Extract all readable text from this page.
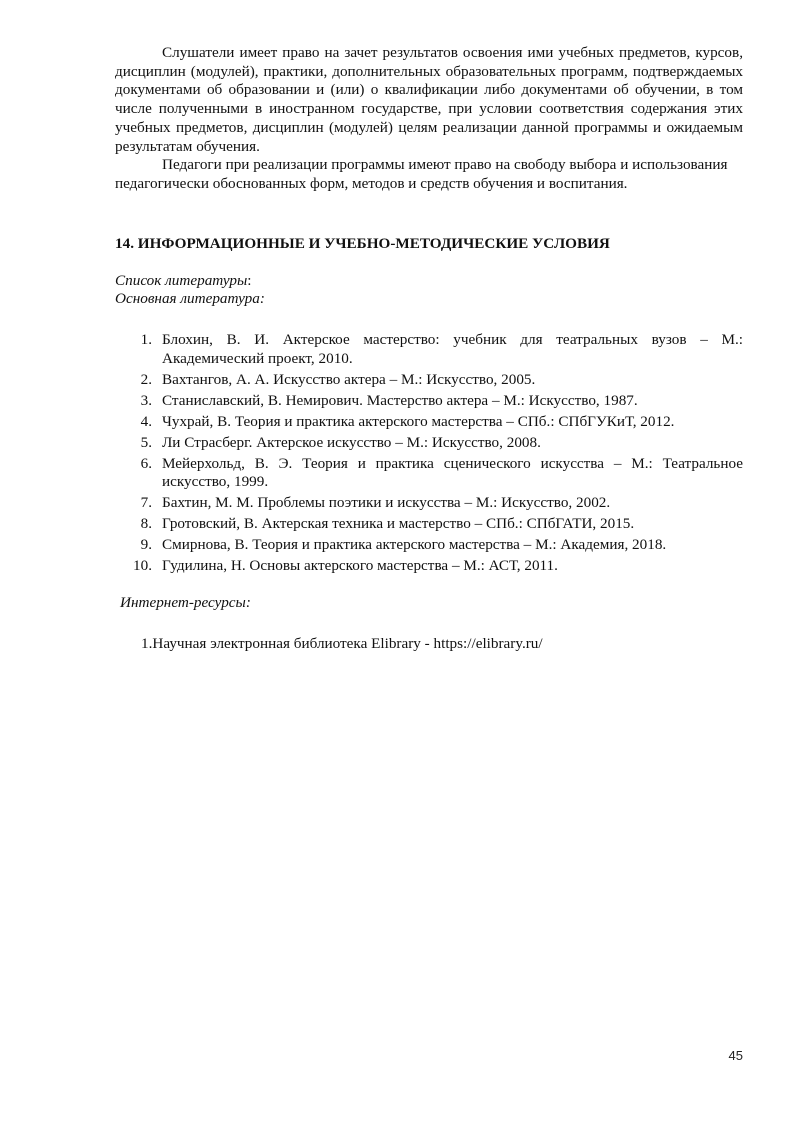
Слушатели имеет право на зачет результатов освоения ими учебных предметов, курсов, дисциплин (модулей), практики, дополнительных образовательных программ, подтверждаемых документами об образовании и (или) о квалификации либо документами об обучении, в том числе полученными в иностранном государстве, при условии соответствия содержания этих учебных предметов, дисциплин (модулей) целям реализации данной программы и ожидаемым результатам обучения.

Педагоги при реализации программы имеют право на свободу выбора и использования педагогически обоснованных форм, методов и средств обучения и воспитания.

14. ИНФОРМАЦИОННЫЕ И УЧЕБНО-МЕТОДИЧЕСКИЕ УСЛОВИЯ

Список литературы:

Основная литература:

1. Блохин, В. И. Актерское мастерство: учебник для театральных вузов – М.: Академический проект, 2010.
2. Вахтангов, А. А. Искусство актера – М.: Искусство, 2005.
3. Станиславский, В. Немирович. Мастерство актера – М.: Искусство, 1987.
4. Чухрай, В. Теория и практика актерского мастерства – СПб.: СПбГУКиТ, 2012.
5. Ли Страсберг. Актерское искусство – М.: Искусство, 2008.
6. Мейерхольд, В. Э. Теория и практика сценического искусства – М.: Театральное искусство, 1999.
7. Бахтин, М. М. Проблемы поэтики и искусства – М.: Искусство, 2002.
8. Гротовский, В. Актерская техника и мастерство – СПб.: СПбГАТИ, 2015.
9. Смирнова, В. Теория и практика актерского мастерства – М.: Академия, 2018.
10. Гудилина, Н. Основы актерского мастерства – М.: АСТ, 2011.

Интернет-ресурсы:

1.Научная электронная библиотека Elibrary - https://elibrary.ru/

45
